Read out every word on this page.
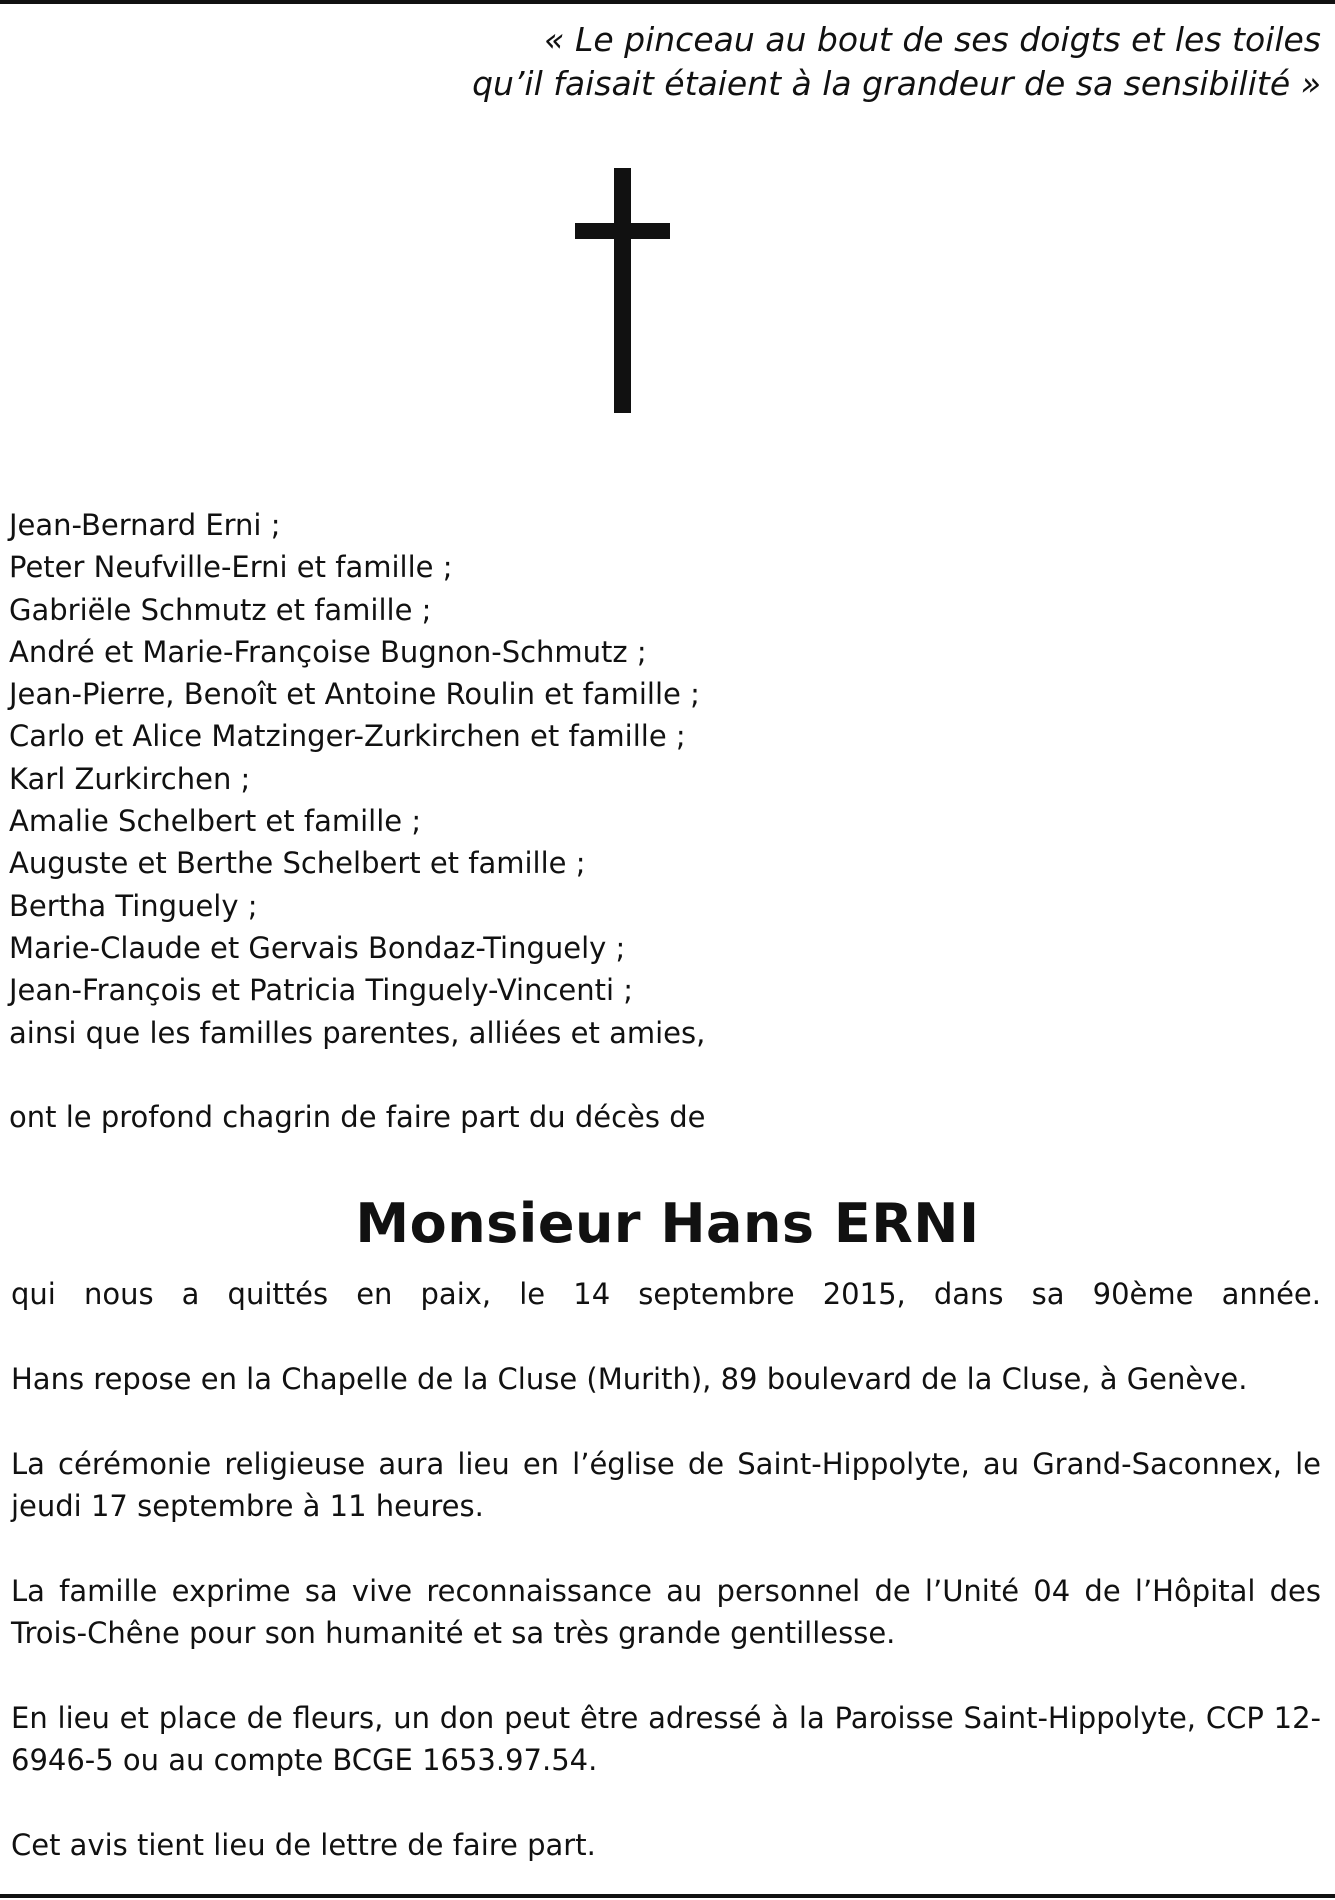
« Le pinceau au bout de ses doigts et les toiles
qu’il faisait étaient à la grandeur de sa sensibilité »
Jean-Bernard Erni ;
Peter Neufville-Erni et famille ;
Gabriële Schmutz et famille ;
André et Marie-Françoise Bugnon-Schmutz ;
Jean-Pierre, Benoît et Antoine Roulin et famille ;
Carlo et Alice Matzinger-Zurkirchen et famille ;
Karl Zurkirchen ;
Amalie Schelbert et famille ;
Auguste et Berthe Schelbert et famille ;
Bertha Tinguely ;
Marie-Claude et Gervais Bondaz-Tinguely ;
Jean-François et Patricia Tinguely-Vincenti ;
ainsi que les familles parentes, alliées et amies,
ont le profond chagrin de faire part du décès de
Monsieur Hans ERNI
qui nous a quittés en paix, le 14 septembre 2015, dans sa 90ème année.
Hans repose en la Chapelle de la Cluse (Murith), 89 boulevard de la Cluse, à Genève.
La cérémonie religieuse aura lieu en l’église de Saint-Hippolyte, au Grand-Saconnex, le jeudi 17 septembre à 11 heures.
La famille exprime sa vive reconnaissance au personnel de l’Unité 04 de l’Hôpital des Trois-Chêne pour son humanité et sa très grande gentillesse.
En lieu et place de fleurs, un don peut être adressé à la Paroisse Saint-Hippolyte, CCP 12-6946-5 ou au compte BCGE 1653.97.54.
Cet avis tient lieu de lettre de faire part.
